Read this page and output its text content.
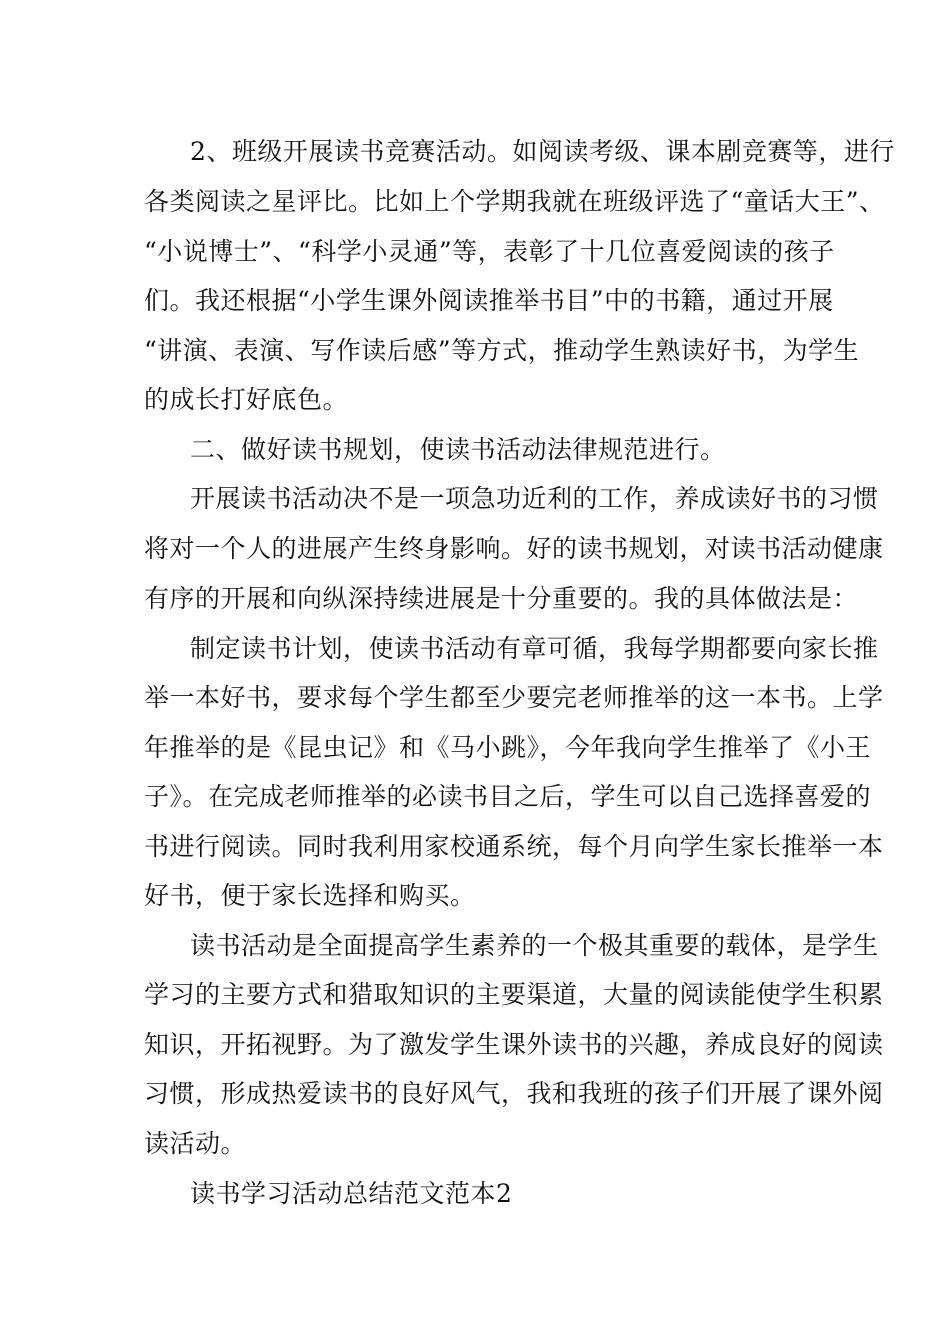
2、班级开展读书竞赛活动。如阅读考级、课本剧竞赛等，进行
各类阅读之星评比。比如上个学期我就在班级评选了“童话大王”、
“小说博士”、“科学小灵通”等，表彰了十几位喜爱阅读的孩子
们。我还根据“小学生课外阅读推举书目”中的书籍，通过开展
“讲演、表演、写作读后感”等方式，推动学生熟读好书，为学生
的成长打好底色。
二、做好读书规划，使读书活动法律规范进行。
开展读书活动决不是一项急功近利的工作，养成读好书的习惯
将对一个人的进展产生终身影响。好的读书规划，对读书活动健康
有序的开展和向纵深持续进展是十分重要的。我的具体做法是：
制定读书计划，使读书活动有章可循，我每学期都要向家长推
举一本好书，要求每个学生都至少要完老师推举的这一本书。上学
年推举的是《昆虫记》和《马小跳》，今年我向学生推举了《小王
子》。在完成老师推举的必读书目之后，学生可以自己选择喜爱的
书进行阅读。同时我利用家校通系统，每个月向学生家长推举一本
好书，便于家长选择和购买。
读书活动是全面提高学生素养的一个极其重要的载体，是学生
学习的主要方式和猎取知识的主要渠道，大量的阅读能使学生积累
知识，开拓视野。为了激发学生课外读书的兴趣，养成良好的阅读
习惯，形成热爱读书的良好风气，我和我班的孩子们开展了课外阅
读活动。
读书学习活动总结范文范本2
